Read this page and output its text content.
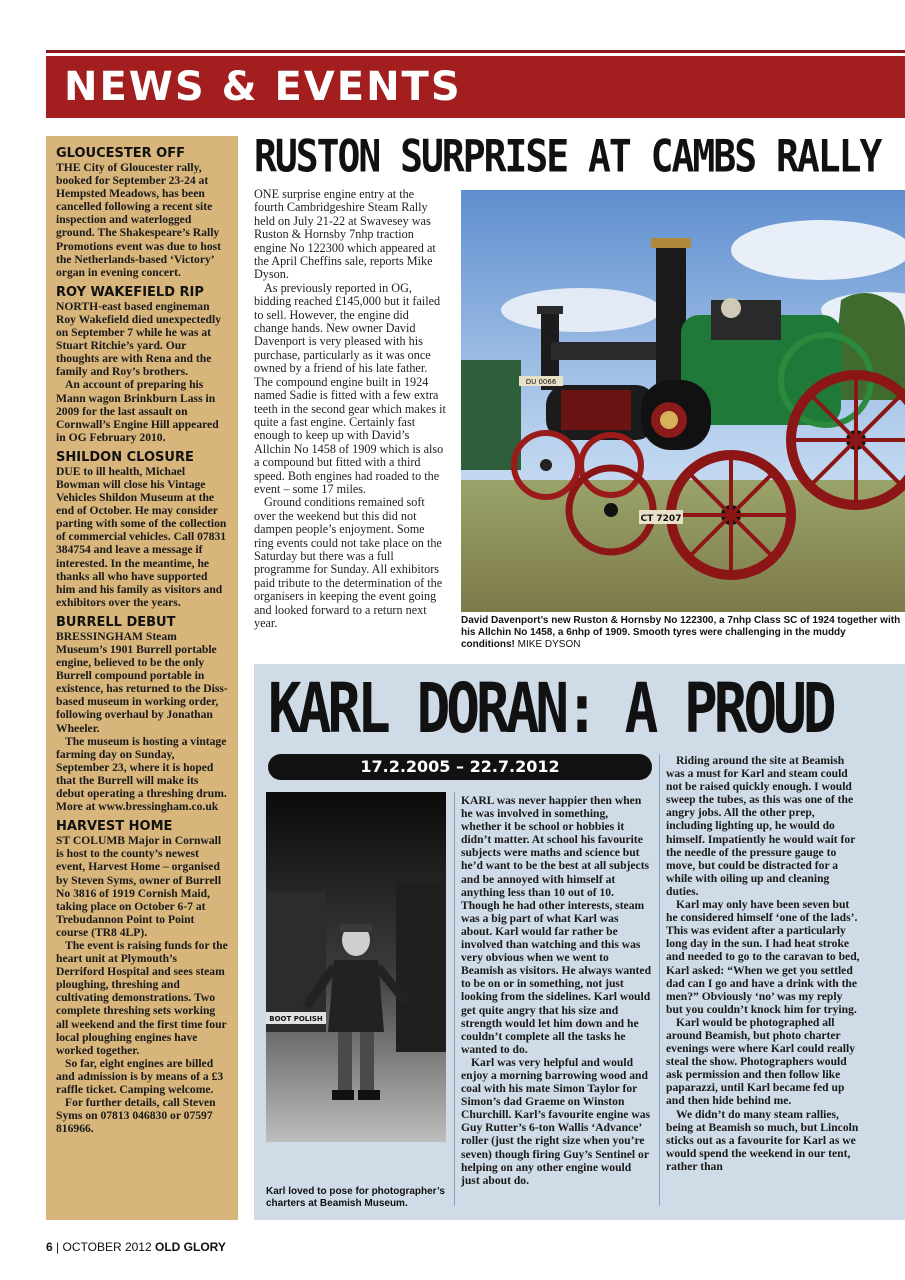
NEWS & EVENTS
GLOUCESTER OFF

THE City of Gloucester rally, booked for September 23-24 at Hempsted Meadows, has been cancelled following a recent site inspection and waterlogged ground. The Shakespeare’s Rally Promotions event was due to host the Netherlands-based ‘Victory’ organ in evening concert.

ROY WAKEFIELD RIP

NORTH-east based engineman Roy Wakefield died unexpectedly on September 7 while he was at Stuart Ritchie’s yard. Our thoughts are with Rena and the family and Roy’s brothers.

An account of preparing his Mann wagon Brinkburn Lass in 2009 for the last assault on Cornwall’s Engine Hill appeared in OG February 2010.

SHILDON CLOSURE

DUE to ill health, Michael Bowman will close his Vintage Vehicles Shildon Museum at the end of October. He may consider parting with some of the collection of commercial vehicles. Call 07831 384754 and leave a message if interested. In the meantime, he thanks all who have supported him and his family as visitors and exhibitors over the years.

BURRELL DEBUT

BRESSINGHAM Steam Museum’s 1901 Burrell portable engine, believed to be the only Burrell compound portable in existence, has returned to the Diss-based museum in working order, following overhaul by Jonathan Wheeler.

The museum is hosting a vintage farming day on Sunday, September 23, where it is hoped that the Burrell will make its debut operating a threshing drum. More at www.bressingham.co.uk

HARVEST HOME

ST COLUMB Major in Cornwall is host to the county’s newest event, Harvest Home – organised by Steven Syms, owner of Burrell No 3816 of 1919 Cornish Maid, taking place on October 6-7 at Trebudannon Point to Point course (TR8 4LP).

The event is raising funds for the heart unit at Plymouth’s Derriford Hospital and sees steam ploughing, threshing and cultivating demonstrations. Two complete threshing sets working all weekend and the first time four local ploughing engines have worked together.

So far, eight engines are billed and admission is by means of a £3 raffle ticket. Camping welcome.

For further details, call Steven Syms on 07813 046830 or 07597 816966.

RUSTON SURPRISE AT CAMBS RALLY

ONE surprise engine entry at the fourth Cambridgeshire Steam Rally held on July 21-22 at Swavesey was Ruston & Hornsby 7nhp traction engine No 122300 which appeared at the April Cheffins sale, reports Mike Dyson.

As previously reported in OG, bidding reached £145,000 but it failed to sell. However, the engine did change hands. New owner David Davenport is very pleased with his purchase, particularly as it was once owned by a friend of his late father. The compound engine built in 1924 named Sadie is fitted with a few extra teeth in the second gear which makes it quite a fast engine. Certainly fast enough to keep up with David’s Allchin No 1458 of 1909 which is also a compound but fitted with a third speed. Both engines had roaded to the event – some 17 miles.

Ground conditions remained soft over the weekend but this did not dampen people’s enjoyment. Some ring events could not take place on the Saturday but there was a full programme for Sunday. All exhibitors paid tribute to the determination of the organisers in keeping the event going and looked forward to a return next year.

DU 0066
CT 7207
David Davenport’s new Ruston & Hornsby No 122300, a 7nhp Class SC of 1924 together with his Allchin No 1458, a 6nhp of 1909. Smooth tyres were challenging in the muddy conditions! MIKE DYSON
KARL DORAN: A PROUD
17.2.2005 – 22.7.2012
BOOT POLISH
Karl loved to pose for photographer’s charters at Beamish Museum.

KARL was never happier then when he was involved in something, whether it be school or hobbies it didn’t matter. At school his favourite subjects were maths and science but he’d want to be the best at all subjects and be annoyed with himself at anything less than 10 out of 10. Though he had other interests, steam was a big part of what Karl was about. Karl would far rather be involved than watching and this was very obvious when we went to Beamish as visitors. He always wanted to be on or in something, not just looking from the sidelines. Karl would get quite angry that his size and strength would let him down and he couldn’t complete all the tasks he wanted to do.

Karl was very helpful and would enjoy a morning barrowing wood and coal with his mate Simon Taylor for Simon’s dad Graeme on Winston Churchill. Karl’s favourite engine was Guy Rutter’s 6-ton Wallis ‘Advance’ roller (just the right size when you’re seven) though firing Guy’s Sentinel or helping on any other engine would just about do.

Riding around the site at Beamish was a must for Karl and steam could not be raised quickly enough. I would sweep the tubes, as this was one of the angry jobs. All the other prep, including lighting up, he would do himself. Impatiently he would wait for the needle of the pressure gauge to move, but could be distracted for a while with oiling up and cleaning duties.

Karl may only have been seven but he considered himself ‘one of the lads’. This was evident after a particularly long day in the sun. I had heat stroke and needed to go to the caravan to bed, Karl asked: “When we get you settled dad can I go and have a drink with the men?” Obviously ‘no’ was my reply but you couldn’t knock him for trying.

Karl would be photographed all around Beamish, but photo charter evenings were where Karl could really steal the show. Photographers would ask permission and then follow like paparazzi, until Karl became fed up and then hide behind me.

We didn’t do many steam rallies, being at Beamish so much, but Lincoln sticks out as a favourite for Karl as we would spend the weekend in our tent, rather than

6 | OCTOBER 2012 OLD GLORY
